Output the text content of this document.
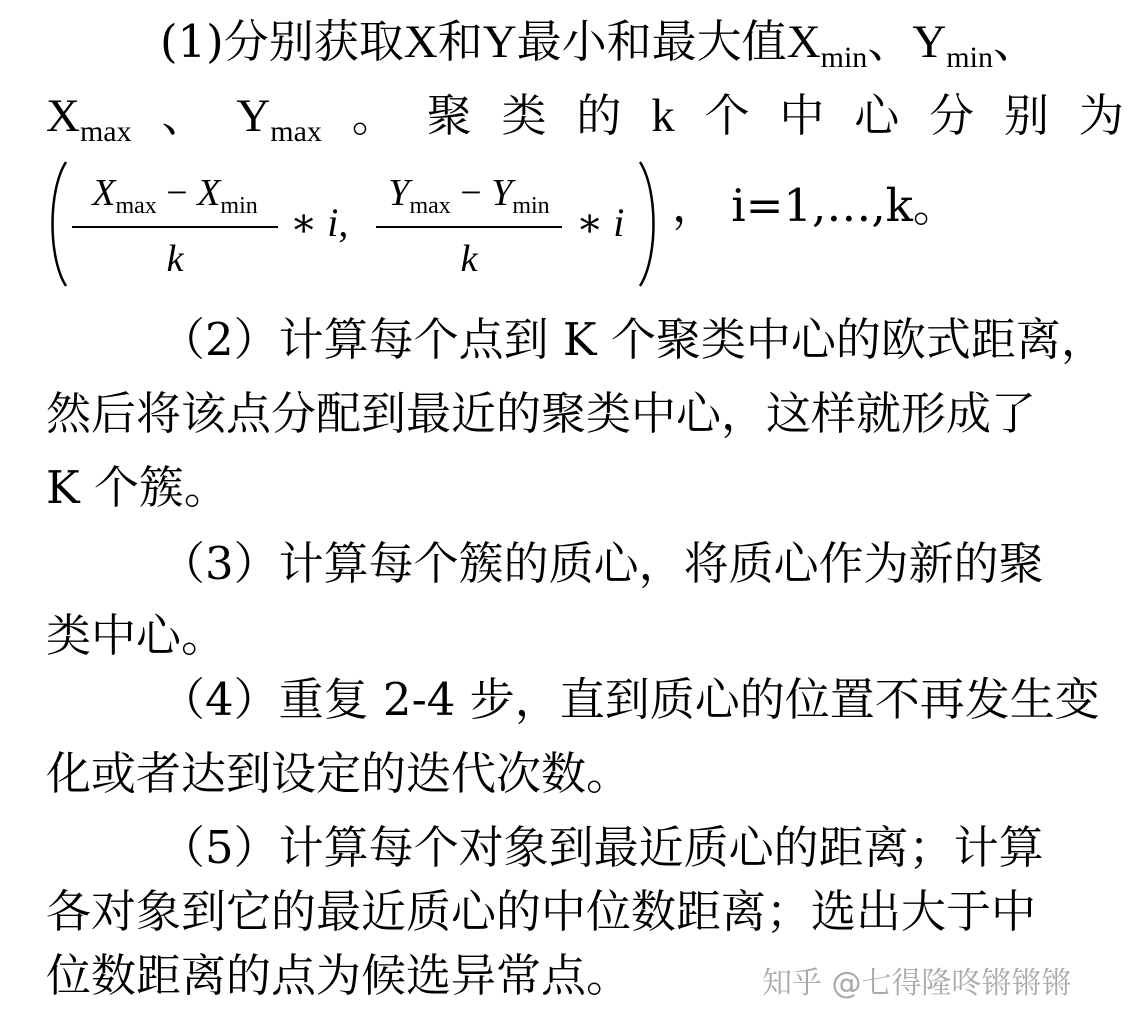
(1)分别获取X和Y最小和最大值$X_{min}$、$Y_{min}$、
$X_{max}$ 、 $Y_{max}$ 。 聚 类 的 k 个 中 心 分 别 为
$X_{max} - X_{min}$
k
∗ i,
$Y_{max} - Y_{min}$
k
∗ i ， i=1,…,k。
（2）计算每个点到 K 个聚类中心的欧式距离，
然后将该点分配到最近的聚类中心，这样就形成了
K 个簇。
（3）计算每个簇的质心，将质心作为新的聚
类中心。
（4）重复 2-4 步，直到质心的位置不再发生变
化或者达到设定的迭代次数。
（5）计算每个对象到最近质心的距离；计算
各对象到它的最近质心的中位数距离；选出大于中
位数距离的点为候选异常点。	知乎 @七得隆咚锵锵锵
